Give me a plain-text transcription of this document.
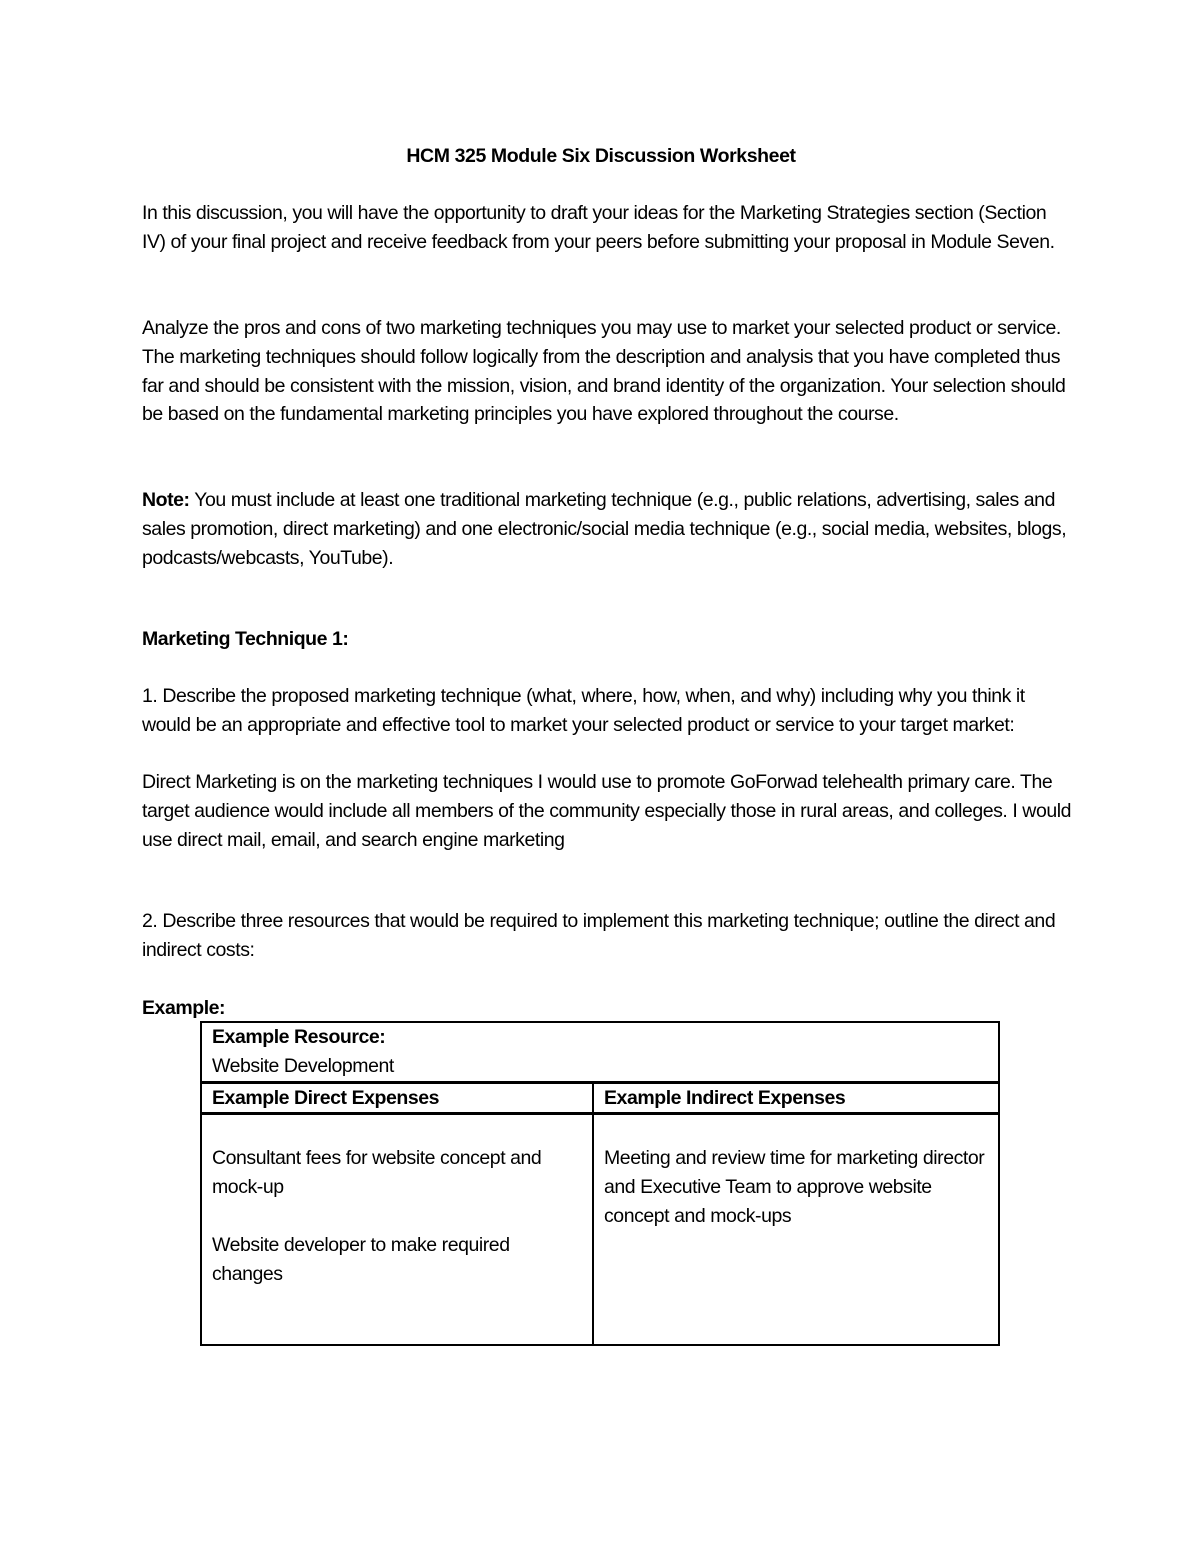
HCM 325 Module Six Discussion Worksheet

In this discussion, you will have the opportunity to draft your ideas for the Marketing Strategies section (Section IV) of your final project and receive feedback from your peers before submitting your proposal in Module Seven.

Analyze the pros and cons of two marketing techniques you may use to market your selected product or service. The marketing techniques should follow logically from the description and analysis that you have completed thus far and should be consistent with the mission, vision, and brand identity of the organization. Your selection should be based on the fundamental marketing principles you have explored throughout the course.

Note: You must include at least one traditional marketing technique (e.g., public relations, advertising, sales and sales promotion, direct marketing) and one electronic/social media technique (e.g., social media, websites, blogs, podcasts/webcasts, YouTube).

Marketing Technique 1:

1. Describe the proposed marketing technique (what, where, how, when, and why) including why you think it would be an appropriate and effective tool to market your selected product or service to your target market:

Direct Marketing is on the marketing techniques I would use to promote GoForwad telehealth primary care. The target audience would include all members of the community especially those in rural areas, and colleges. I would use direct mail, email, and search engine marketing

2. Describe three resources that would be required to implement this marketing technique; outline the direct and indirect costs:

Example:

Example Resource:
Website Development	

Example Direct Expenses	Example Indirect Expenses

Consultant fees for website concept and mock-up
Website developer to make required changes	Meeting and review time for marketing director and Executive Team to approve website concept and mock-ups
